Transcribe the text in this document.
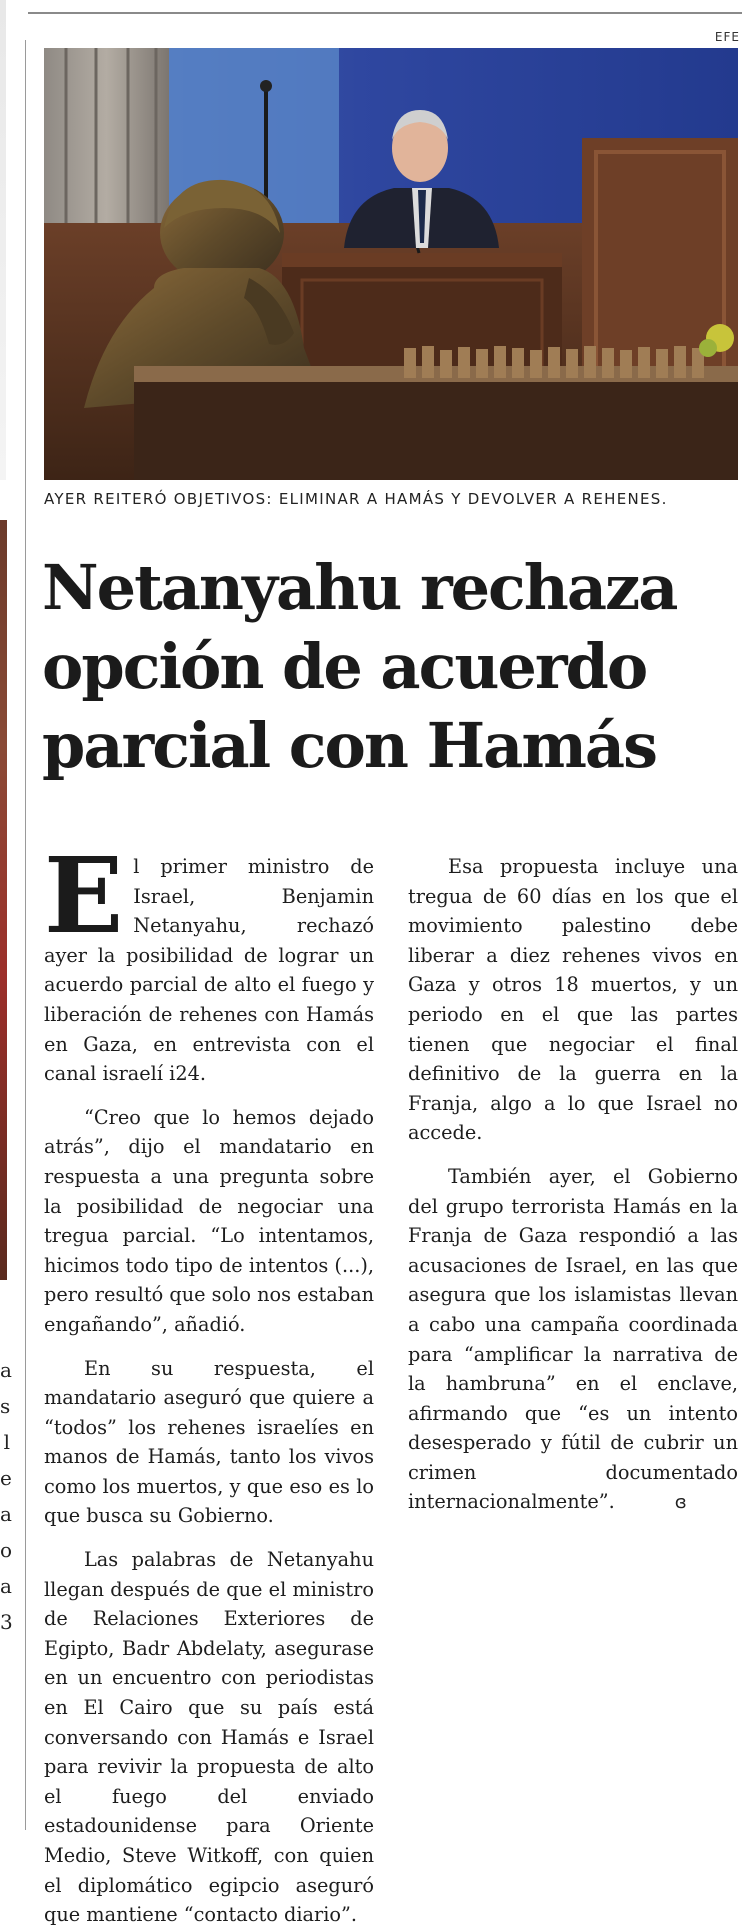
a
s
l
e
a
o
a
3
EFE
AYER REITERÓ OBJETIVOS: ELIMINAR A HAMÁS Y DEVOLVER A REHENES.
Netanyahu rechaza
opción de acuerdo
parcial con Hamás

El primer ministro de Israel, Benjamin Netanyahu, rechazó ayer la posibilidad de lograr un acuerdo parcial de alto el fuego y liberación de rehenes con Hamás en Gaza, en entrevista con el canal israelí i24.

“Creo que lo hemos dejado atrás”, dijo el mandatario en respuesta a una pregunta sobre la posibilidad de negociar una tregua parcial. “Lo intentamos, hicimos todo tipo de intentos (...), pero resultó que solo nos estaban engañando”, añadió.

En su respuesta, el mandatario aseguró que quiere a “todos” los rehenes israelíes en manos de Hamás, tanto los vivos como los muertos, y que eso es lo que busca su Gobierno.

Las palabras de Netanyahu llegan después de que el ministro de Relaciones Exteriores de Egipto, Badr Abdelaty, asegurase en un encuentro con periodistas en El Cairo que su país está conversando con Hamás e Israel para revivir la propuesta de alto el fuego del enviado estadounidense para Oriente Medio, Steve Witkoff, con quien el diplomático egipcio aseguró que mantiene “contacto diario”.

Esa propuesta incluye una tregua de 60 días en los que el movimiento palestino debe liberar a diez rehenes vivos en Gaza y otros 18 muertos, y un periodo en el que las partes tienen que negociar el final definitivo de la guerra en la Franja, algo a lo que Israel no accede.

También ayer, el Gobierno del grupo terrorista Hamás en la Franja de Gaza respondió a las acusaciones de Israel, en las que asegura que los islamistas llevan a cabo una campaña coordinada para “amplificar la narrativa de la hambruna” en el enclave, afirmando que “es un intento desesperado y fútil de cubrir un crimen documentado internacionalmente”.	ɞ
